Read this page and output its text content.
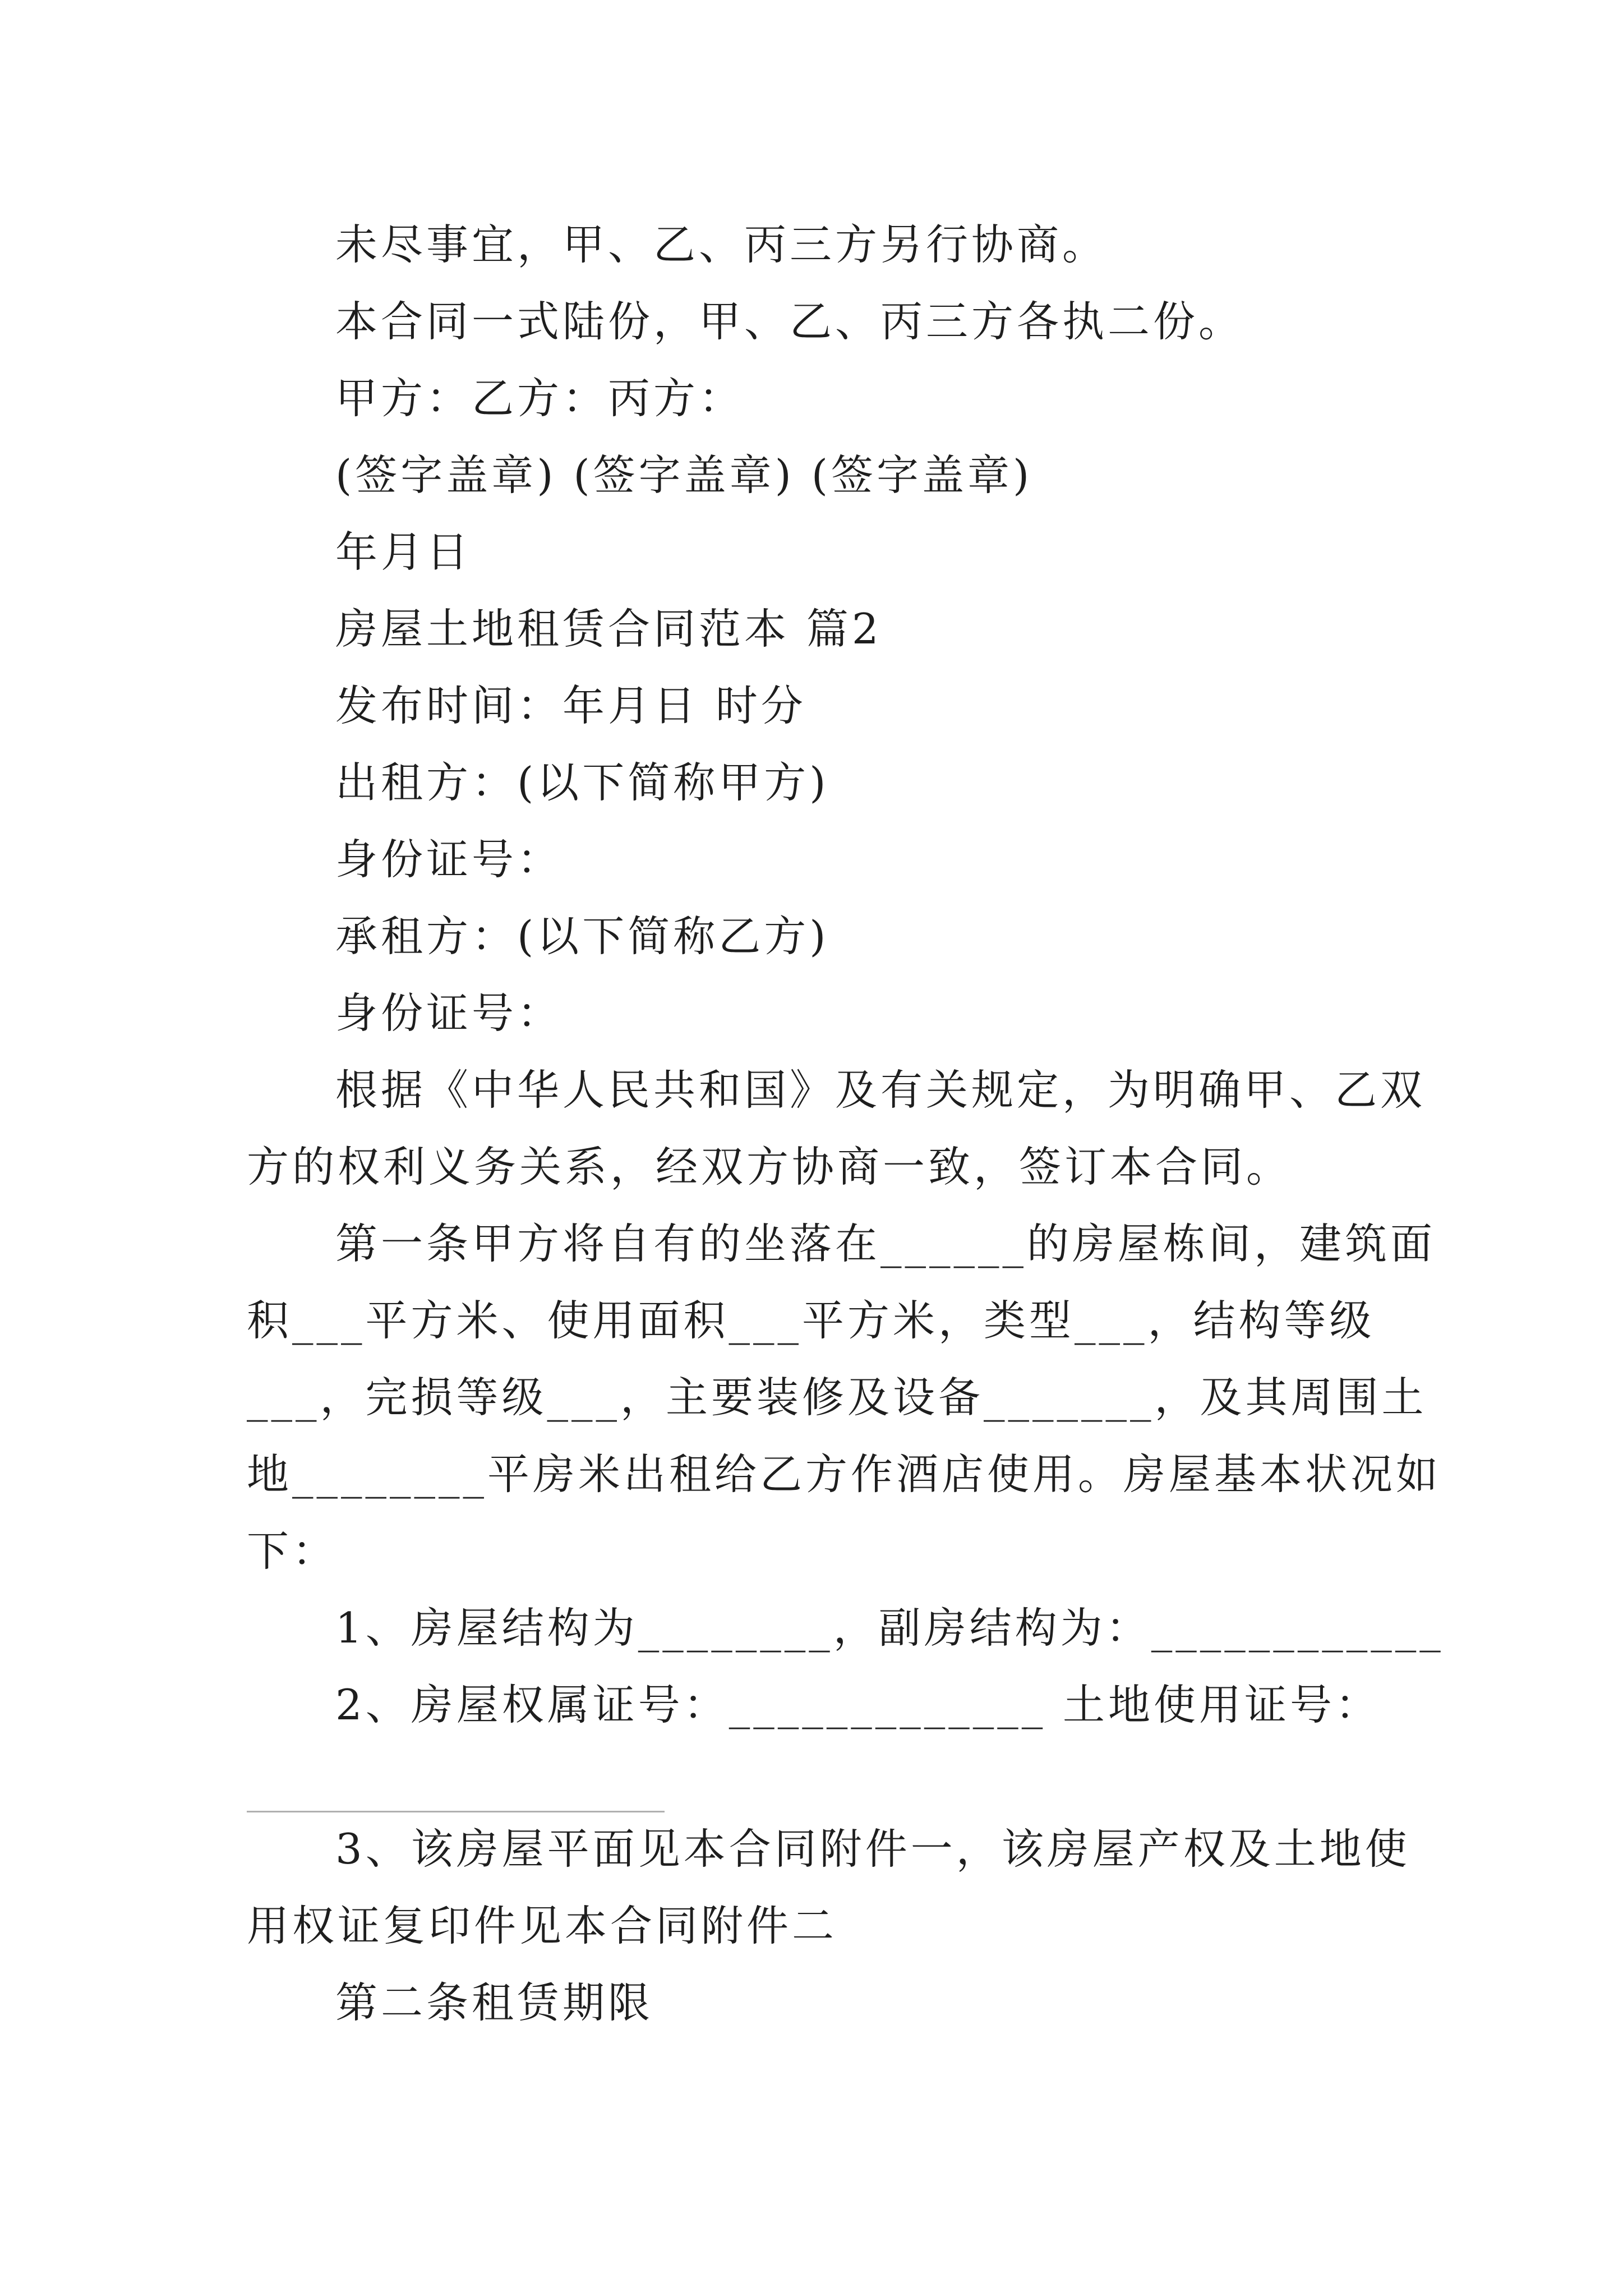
未尽事宜，甲、乙、丙三方另行协商。

本合同一式陆份，甲、乙、丙三方各执二份。

甲方：乙方：丙方：

(签字盖章) (签字盖章) (签字盖章)

年月日

房屋土地租赁合同范本 篇2

发布时间：年月日 时分

出租方：(以下简称甲方)

身份证号：

承租方：(以下简称乙方)

身份证号：

根据《中华人民共和国》及有关规定，为明确甲、乙双

方的权利义务关系，经双方协商一致，签订本合同。

第一条甲方将自有的坐落在______的房屋栋间，建筑面

积___平方米、使用面积___平方米，类型___，结构等级

___，完损等级___，主要装修及设备_______，及其周围土

地________平房米出租给乙方作酒店使用。房屋基本状况如

下：

1、房屋结构为________，副房结构为：____________

2、房屋权属证号：_____________ 土地使用证号：

3、该房屋平面见本合同附件一，该房屋产权及土地使

用权证复印件见本合同附件二

第二条租赁期限
